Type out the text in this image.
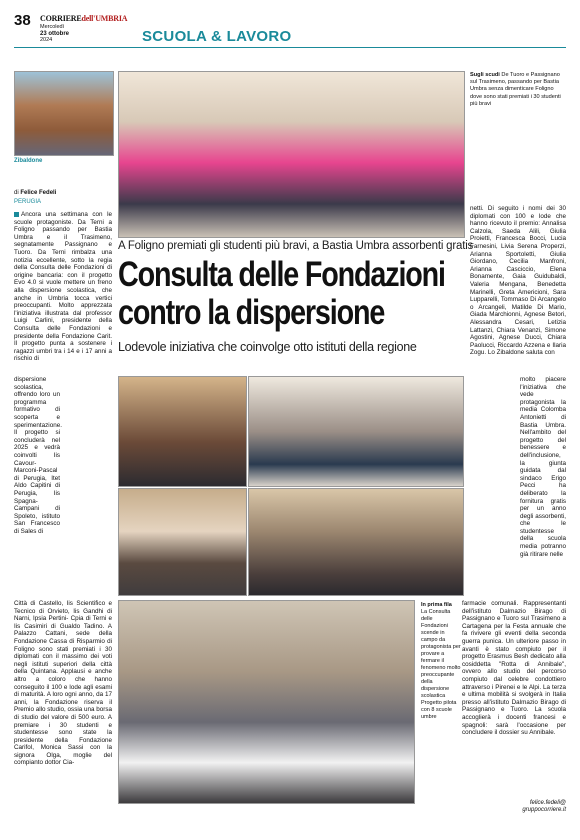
38 CORRIEREdell'UMBRIA
Mercoledì
23 ottobre
2024	SCUOLA & LAVORO
Zibaldone
Sugli scudi De Tuoro e Passignano sul Trasimeno, passando per Bastia Umbra senza dimenticare Foligno dove sono stati premiati i 30 studenti più bravi
di Felice Fedeli
PERUGIA
A Foligno premiati gli studenti più bravi, a Bastia Umbra assorbenti gratis
Consulta delle Fondazioni
contro la dispersione
Lodevole iniziativa che coinvolge otto istituti della regione
Ancora una settimana con le scuole protagoniste. Da Terni a Foligno passando per Bastia Umbra e il Trasimeno, segnatamente Passignano e Tuoro. Da Terni rimbalza una notizia eccellente, sotto la regia della Consulta delle Fondazioni di origine bancaria: con il progetto Evo 4.0 si vuole mettere un freno alla dispersione scolastica, che anche in Umbria tocca vertici preoccupanti. Molto apprezzata l'iniziativa illustrata dal professor Luigi Carlini, presidente della Consulta delle Fondazioni e presidente della Fondazione Carit. Il progetto punta a sostenere i ragazzi umbri tra i 14 e i 17 anni a rischio di
dispersione scolastica, offrendo loro un programma formativo di scoperta e sperimentazione. Il progetto si concluderà nel 2025 e vedrà coinvolti Iis Cavour-Marconi-Pascal di Perugia, Itet Aldo Capitini di Perugia, Iis Spagna-Campani di Spoleto, istituto San Francesco di Sales di
Città di Castello, Iis Scientifico e Tecnico di Orvieto, Iis Gandhi di Narni, Ipsia Pertini- Cpia di Terni e Iis Casimiri di Gualdo Tadino. A Palazzo Cattani, sede della Fondazione Cassa di Risparmio di Foligno sono stati premiati i 30 diplomati con il massimo dei voti negli istituti superiori della città della Quintana. Applausi e anche altro a coloro che hanno conseguito il 100 e lode agli esami di maturità. A loro ogni anno, da 17 anni, la Fondazione riserva il Premio allo studio, ossia una borsa di studio del valore di 500 euro. A premiare i 30 studenti e studentesse sono state la presidente della Fondazione Carifol, Monica Sassi con la signora Olga, moglie del compianto dottor Cia-
In prima fila
La Consulta delle Fondazioni scende in campo da protagonista per provare a fermare il fenomeno molto preoccupante della dispersione scolastica Progetto pilota con 8 scuole umbre
netti. Di seguito i nomi dei 30 diplomati con 100 e lode che hanno ricevuto il premio: Annalisa Calzola, Saeda Alili, Giulia Proietti, Francesca Bocci, Lucia Farnesini, Livia Serena Properzi, Arianna Sportoletti, Giulia Giordano, Cecilia Manfroni, Arianna Casciccio, Elena Bonamente, Gaia Guidubaldi, Valeria Mengana, Benedetta Marinelli, Greta Americioni, Sara Lupparelli, Tommaso Di Arcangelo o Arcangeli, Matilde Di Mario, Giada Marchionni, Agnese Betori, Alessandra Cesari, Letizia Lattanzi, Chiara Venanzi, Simone Agostini, Agnese Ducci, Chiara Paolucci, Riccardo Azzena e Ilaria Zogu. Lo Zibaldone saluta con
molto piacere l'iniziativa che vede protagonista la media Colomba Antonietti di Bastia Umbra. Nell'ambito del progetto del benessere e dell'inclusione, la giunta guidata dal sindaco Erigo Pecci ha deliberato la fornitura gratis per un anno degli assorbenti, che le studentesse della scuola media potranno già ritirare nelle
farmacie comunali. Rappresentanti dell'istituto Dalmazio Birago di Passignano e Tuoro sul Trasimeno a Cartagena per la Festa annuale che fa rivivere gli eventi della seconda guerra punica. Un ulteriore passo in avanti è stato compiuto per il progetto Erasmus Besh dedicato alla cosiddetta "Rotta di Annibale", ovvero allo studio del percorso compiuto dal celebre condottiero attraverso i Pirenei e le Alpi. La terza e ultima mobilità si svolgerà in Italia presso all'istituto Dalmazio Birago di Passignano e Tuoro. La scuola accoglierà i docenti francesi e spagnoli: sarà l'occasione per concludere il dossier su Annibale.
felice.fedeli@
gruppocorriere.it
